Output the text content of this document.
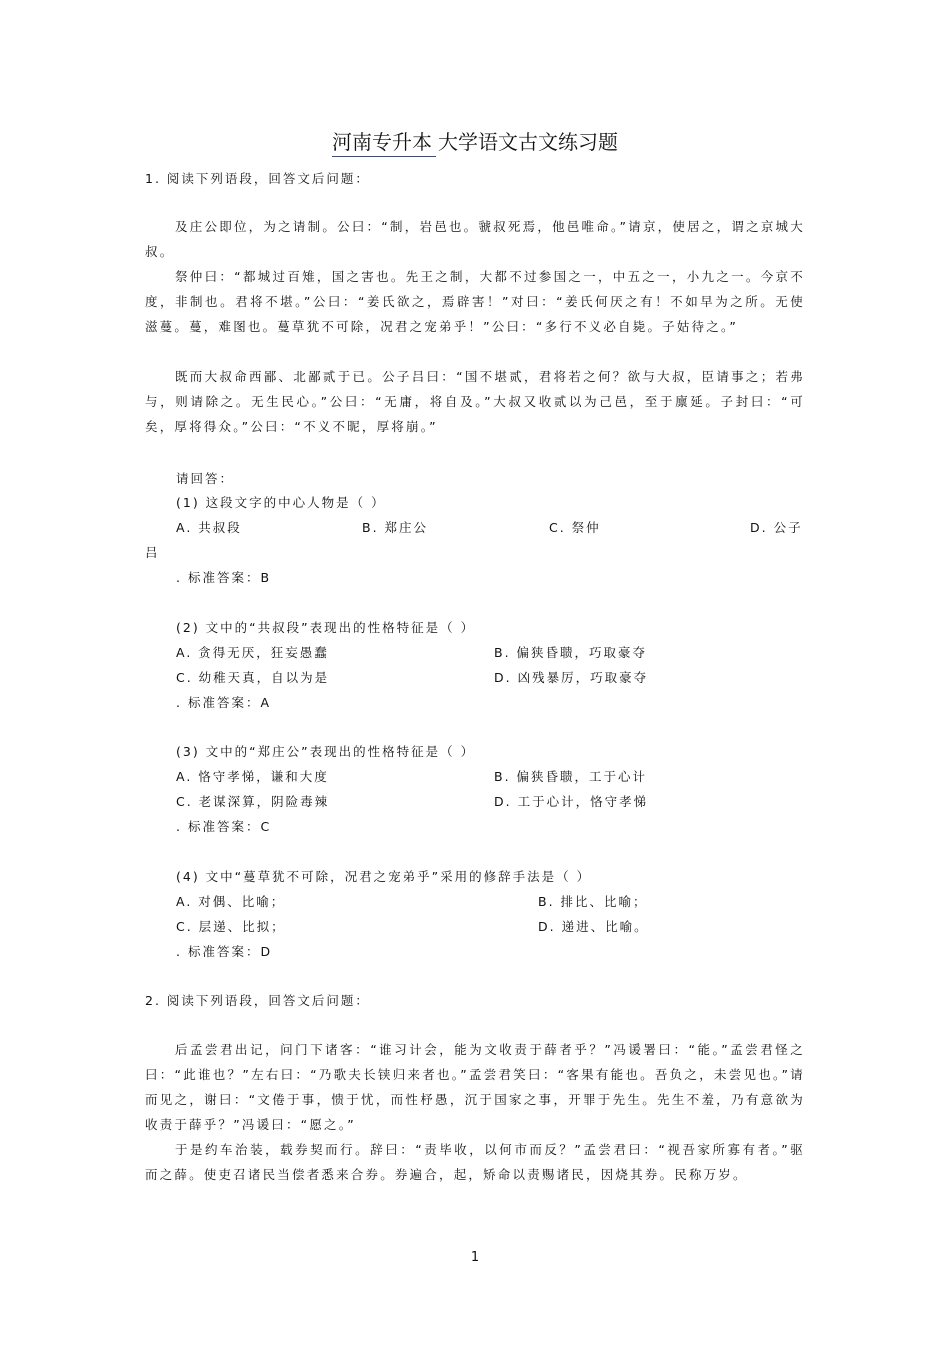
河南专升本 大学语文古文练习题
1. 阅读下列语段，回答文后问题：
及庄公即位，为之请制。公曰：“制，岩邑也。虢叔死焉，他邑唯命。”请京，使居之，谓之京城大叔。
祭仲曰：“都城过百雉，国之害也。先王之制，大都不过参国之一，中五之一，小九之一。今京不度，非制也。君将不堪。”公曰：“姜氏欲之，焉辟害！”对曰：“姜氏何厌之有！不如早为之所。无使滋蔓。蔓，难图也。蔓草犹不可除，况君之宠弟乎！”公曰：“多行不义必自毙。子姑待之。”
既而大叔命西鄙、北鄙贰于已。公子吕曰：“国不堪贰，君将若之何？欲与大叔，臣请事之；若弗与，则请除之。无生民心。”公曰：“无庸，将自及。”大叔又收贰以为己邑，至于廪延。子封曰：“可矣，厚将得众。”公曰：“不义不昵，厚将崩。”
请回答：
(1) 这段文字的中心人物是（ ）
A. 共叔段	B. 郑庄公	C. 祭仲	D. 公子
吕
. 标准答案：B
(2) 文中的“共叔段”表现出的性格特征是（ ）
A. 贪得无厌，狂妄愚蠢	B. 偏狭昏聩，巧取豪夺
C. 幼稚天真，自以为是	D. 凶残暴厉，巧取豪夺
. 标准答案：A
(3) 文中的“郑庄公”表现出的性格特征是（ ）
A. 恪守孝悌，谦和大度	B. 偏狭昏聩，工于心计
C. 老谋深算，阴险毒辣	D. 工于心计，恪守孝悌
. 标准答案：C
(4) 文中“蔓草犹不可除，况君之宠弟乎”采用的修辞手法是（ ）
A. 对偶、比喻；	B. 排比、比喻；
C. 层递、比拟；	D. 递进、比喻。
. 标准答案：D
2. 阅读下列语段，回答文后问题：
后孟尝君出记，问门下诸客：“谁习计会，能为文收责于薛者乎？”冯谖署曰：“能。”孟尝君怪之曰：“此谁也？”左右曰：“乃歌夫长铗归来者也。”孟尝君笑曰：“客果有能也。吾负之，未尝见也。”请而见之，谢曰：“文倦于事，愦于忧，而性杼愚，沉于国家之事，开罪于先生。先生不羞，乃有意欲为收责于薛乎？”冯谖曰：“愿之。”
于是约车治装，载券契而行。辞曰：“责毕收，以何市而反？”孟尝君曰：“视吾家所寡有者。”驱而之薛。使吏召诸民当偿者悉来合券。券遍合，起，矫命以责赐诸民，因烧其券。民称万岁。
1
